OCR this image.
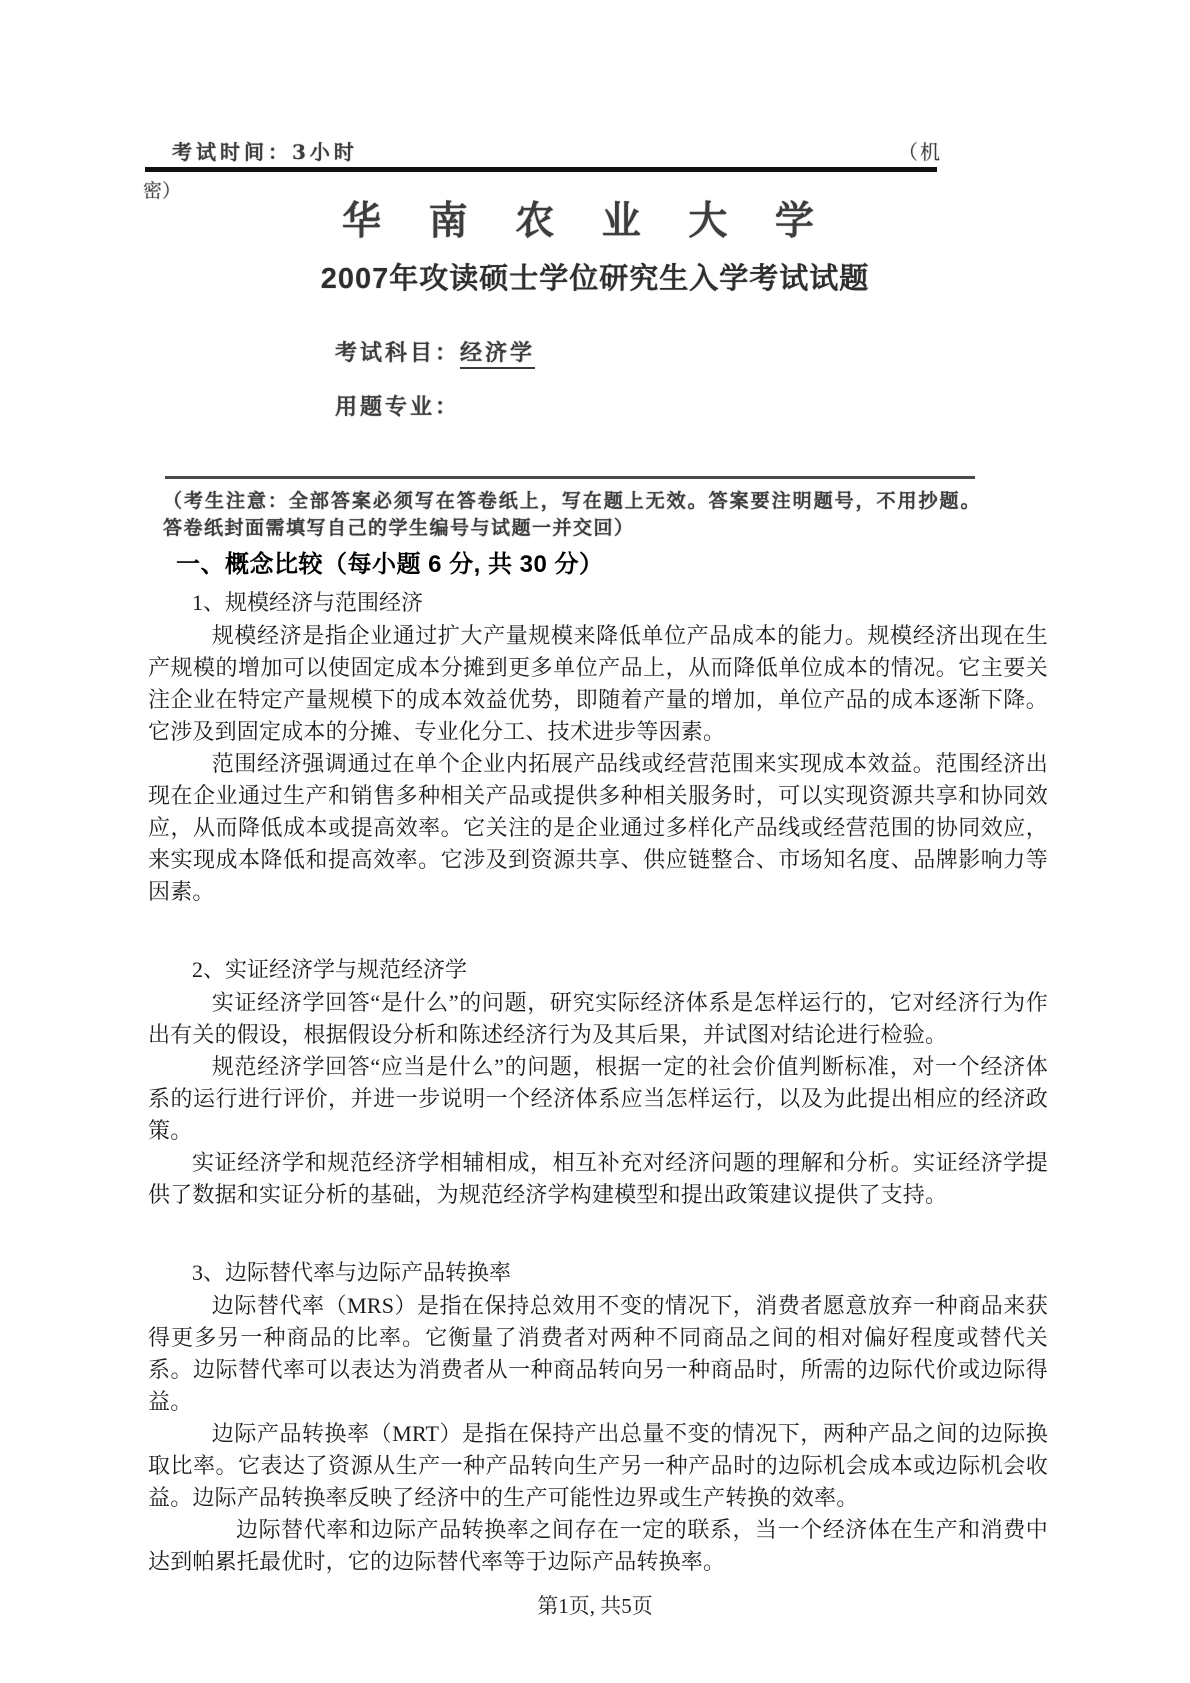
考试时间：3小时	（机
密）
华 南 农 业 大 学
2007年攻读硕士学位研究生入学考试试题
考试科目：经济学
用题专业：

（考生注意：全部答案必须写在答卷纸上，写在题上无效。答案要注明题号，不用抄题。答卷纸封面需填写自己的学生编号与试题一并交回）

一、概念比较（每小题 6 分, 共 30 分）
1、规模经济与范围经济

规模经济是指企业通过扩大产量规模来降低单位产品成本的能力。规模经济出现在生产规模的增加可以使固定成本分摊到更多单位产品上，从而降低单位成本的情况。它主要关注企业在特定产量规模下的成本效益优势，即随着产量的增加，单位产品的成本逐渐下降。它涉及到固定成本的分摊、专业化分工、技术进步等因素。

范围经济强调通过在单个企业内拓展产品线或经营范围来实现成本效益。范围经济出现在企业通过生产和销售多种相关产品或提供多种相关服务时，可以实现资源共享和协同效应，从而降低成本或提高效率。它关注的是企业通过多样化产品线或经营范围的协同效应，来实现成本降低和提高效率。它涉及到资源共享、供应链整合、市场知名度、品牌影响力等因素。

2、实证经济学与规范经济学

实证经济学回答“是什么”的问题，研究实际经济体系是怎样运行的，它对经济行为作出有关的假设，根据假设分析和陈述经济行为及其后果，并试图对结论进行检验。

规范经济学回答“应当是什么”的问题，根据一定的社会价值判断标准，对一个经济体系的运行进行评价，并进一步说明一个经济体系应当怎样运行，以及为此提出相应的经济政策。

实证经济学和规范经济学相辅相成，相互补充对经济问题的理解和分析。实证经济学提供了数据和实证分析的基础，为规范经济学构建模型和提出政策建议提供了支持。

3、边际替代率与边际产品转换率

边际替代率（MRS）是指在保持总效用不变的情况下，消费者愿意放弃一种商品来获得更多另一种商品的比率。它衡量了消费者对两种不同商品之间的相对偏好程度或替代关系。边际替代率可以表达为消费者从一种商品转向另一种商品时，所需的边际代价或边际得益。

边际产品转换率（MRT）是指在保持产出总量不变的情况下，两种产品之间的边际换取比率。它表达了资源从生产一种产品转向生产另一种产品时的边际机会成本或边际机会收益。边际产品转换率反映了经济中的生产可能性边界或生产转换的效率。

边际替代率和边际产品转换率之间存在一定的联系，当一个经济体在生产和消费中达到帕累托最优时，它的边际替代率等于边际产品转换率。

第1页, 共5页
